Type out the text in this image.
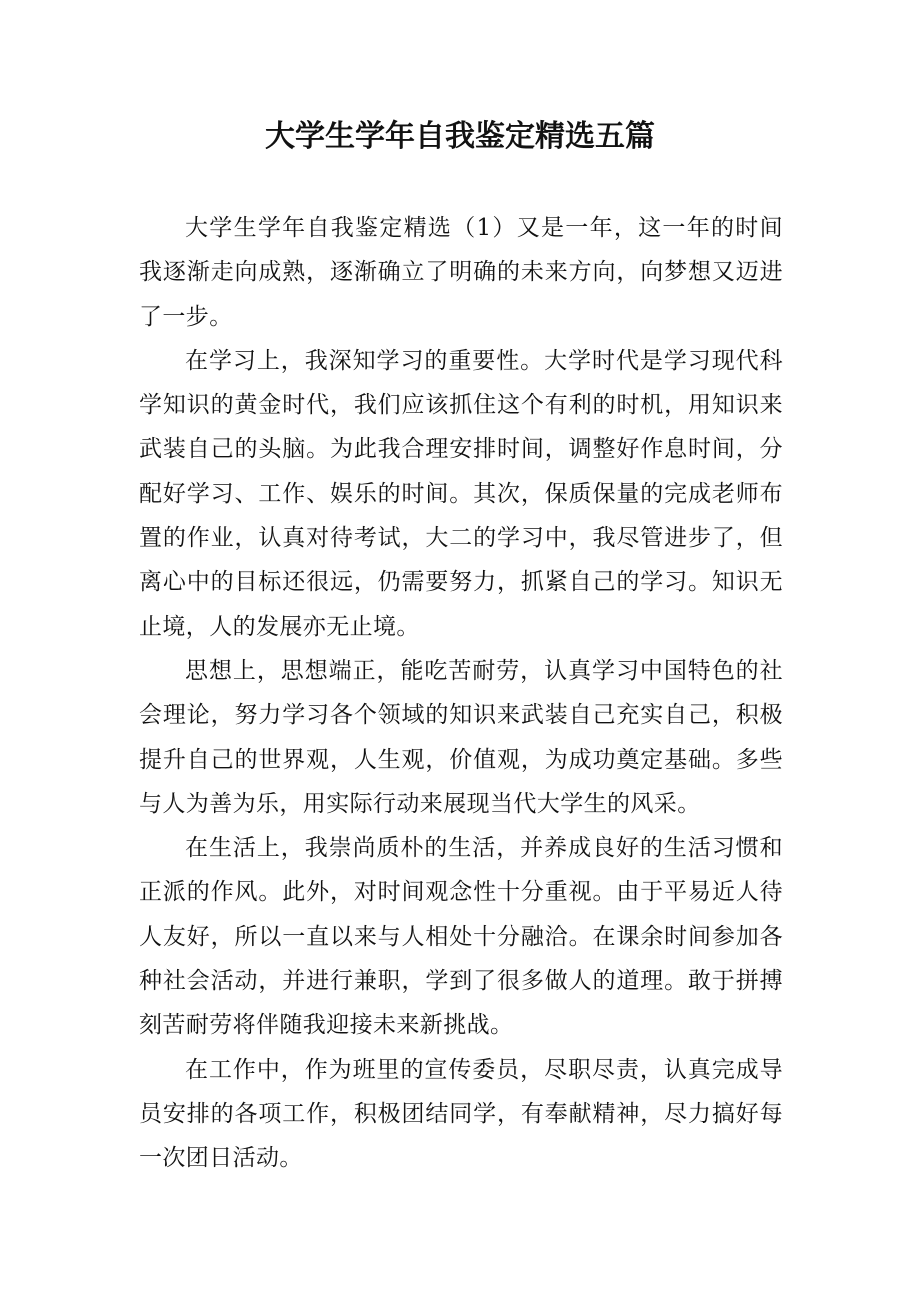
大学生学年自我鉴定精选五篇

大学生学年自我鉴定精选（1）又是一年，这一年的时间我逐渐走向成熟，逐渐确立了明确的未来方向，向梦想又迈进了一步。

在学习上，我深知学习的重要性。大学时代是学习现代科学知识的黄金时代，我们应该抓住这个有利的时机，用知识来武装自己的头脑。为此我合理安排时间，调整好作息时间，分配好学习、工作、娱乐的时间。其次，保质保量的完成老师布置的作业，认真对待考试，大二的学习中，我尽管进步了，但离心中的目标还很远，仍需要努力，抓紧自己的学习。知识无止境，人的发展亦无止境。

思想上，思想端正，能吃苦耐劳，认真学习中国特色的社会理论，努力学习各个领域的知识来武装自己充实自己，积极提升自己的世界观，人生观，价值观，为成功奠定基础。多些与人为善为乐，用实际行动来展现当代大学生的风采。

在生活上，我崇尚质朴的生活，并养成良好的生活习惯和正派的作风。此外，对时间观念性十分重视。由于平易近人待人友好，所以一直以来与人相处十分融洽。在课余时间参加各种社会活动，并进行兼职，学到了很多做人的道理。敢于拼搏刻苦耐劳将伴随我迎接未来新挑战。

在工作中，作为班里的宣传委员，尽职尽责，认真完成导员安排的各项工作，积极团结同学，有奉献精神，尽力搞好每一次团日活动。
